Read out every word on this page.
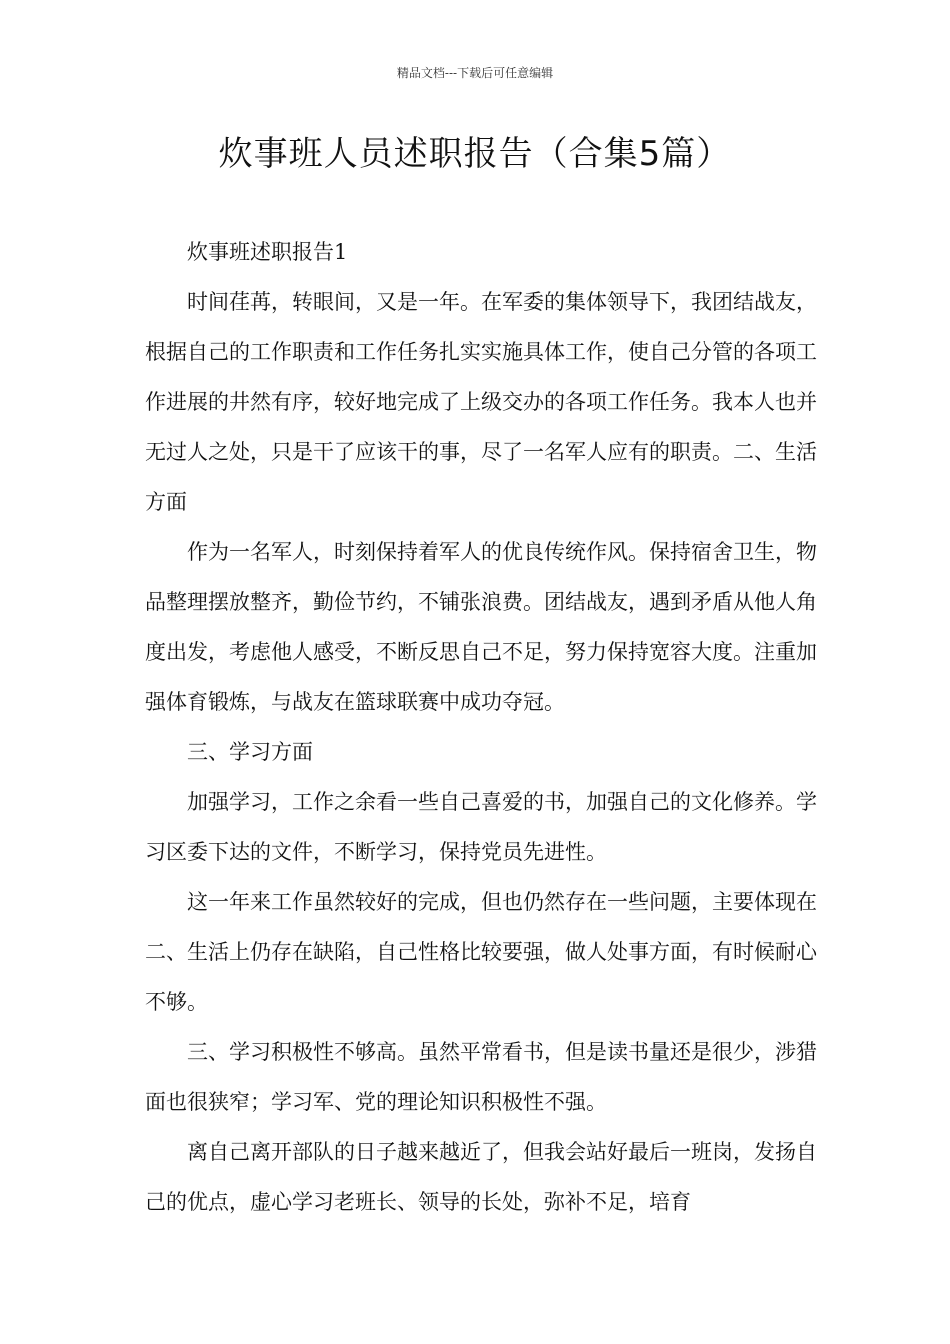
精品文档---下载后可任意编辑
炊事班人员述职报告（合集5篇）

炊事班述职报告1

时间荏苒，转眼间，又是一年。在军委的集体领导下，我团结战友，根据自己的工作职责和工作任务扎实实施具体工作，使自己分管的各项工作进展的井然有序，较好地完成了上级交办的各项工作任务。我本人也并无过人之处，只是干了应该干的事，尽了一名军人应有的职责。二、生活方面

作为一名军人，时刻保持着军人的优良传统作风。保持宿舍卫生，物品整理摆放整齐，勤俭节约，不铺张浪费。团结战友，遇到矛盾从他人角度出发，考虑他人感受，不断反思自己不足，努力保持宽容大度。注重加强体育锻炼，与战友在篮球联赛中成功夺冠。

三、学习方面

加强学习，工作之余看一些自己喜爱的书，加强自己的文化修养。学习区委下达的文件，不断学习，保持党员先进性。

这一年来工作虽然较好的完成，但也仍然存在一些问题，主要体现在二、生活上仍存在缺陷，自己性格比较要强，做人处事方面，有时候耐心不够。

三、学习积极性不够高。虽然平常看书，但是读书量还是很少，涉猎面也很狭窄；学习军、党的理论知识积极性不强。

离自己离开部队的日子越来越近了，但我会站好最后一班岗，发扬自己的优点，虚心学习老班长、领导的长处，弥补不足，培育
